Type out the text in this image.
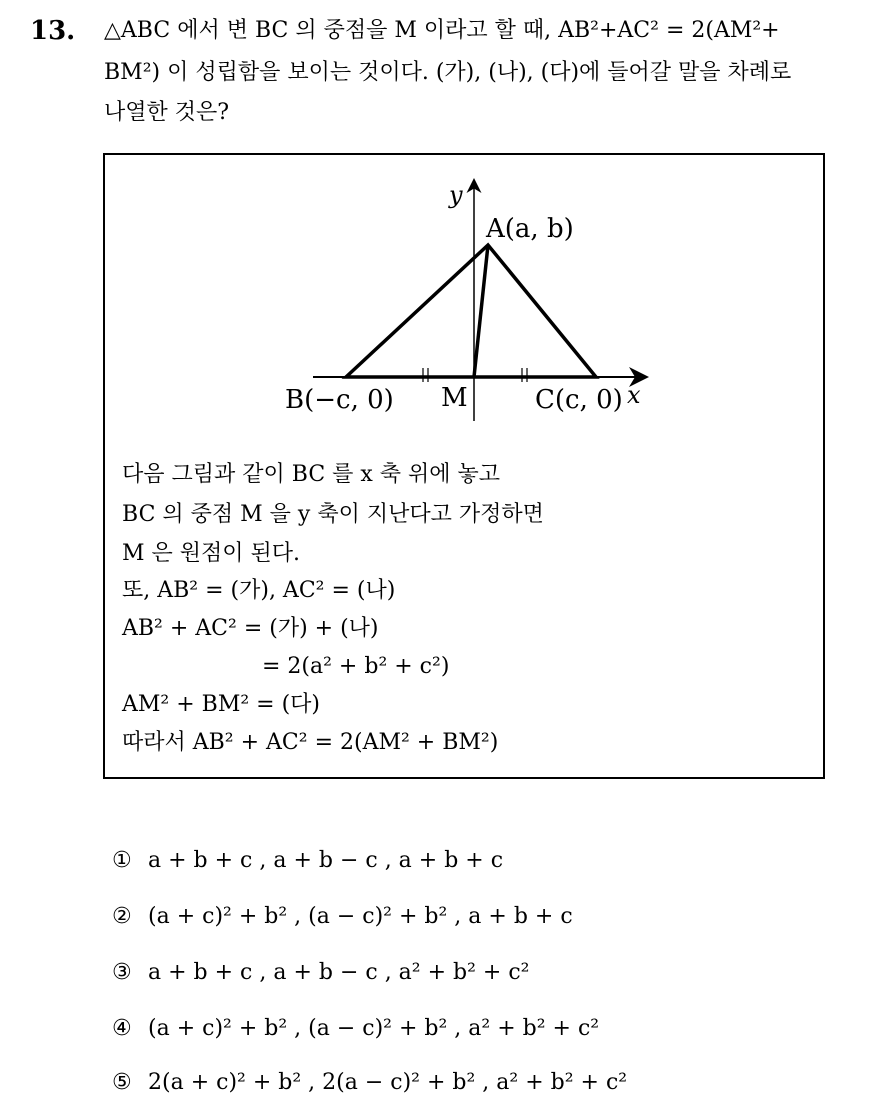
13. △ABC 에서 변 BC 의 중점을 M 이라고 할 때, AB²+AC² = 2(AM²+
BM²) 이 성립함을 보이는 것이다. (가), (나), (다)에 들어갈 말을 차례로
나열한 것은?
y
x
A(a, b)
B(−c, 0) M	C(c, 0)
다음 그림과 같이 BC 를 x 축 위에 놓고
BC 의 중점 M 을 y 축이 지난다고 가정하면
M 은 원점이 된다.
또, AB² = (가), AC² = (나)
AB² + AC² = (가) + (나)
= 2(a² + b² + c²)
AM² + BM² = (다)
따라서 AB² + AC² = 2(AM² + BM²)
① a + b + c , a + b − c , a + b + c
② (a + c)² + b² , (a − c)² + b² , a + b + c
③ a + b + c , a + b − c , a² + b² + c²
④ (a + c)² + b² , (a − c)² + b² , a² + b² + c²
⑤ 2(a + c)² + b² , 2(a − c)² + b² , a² + b² + c²
